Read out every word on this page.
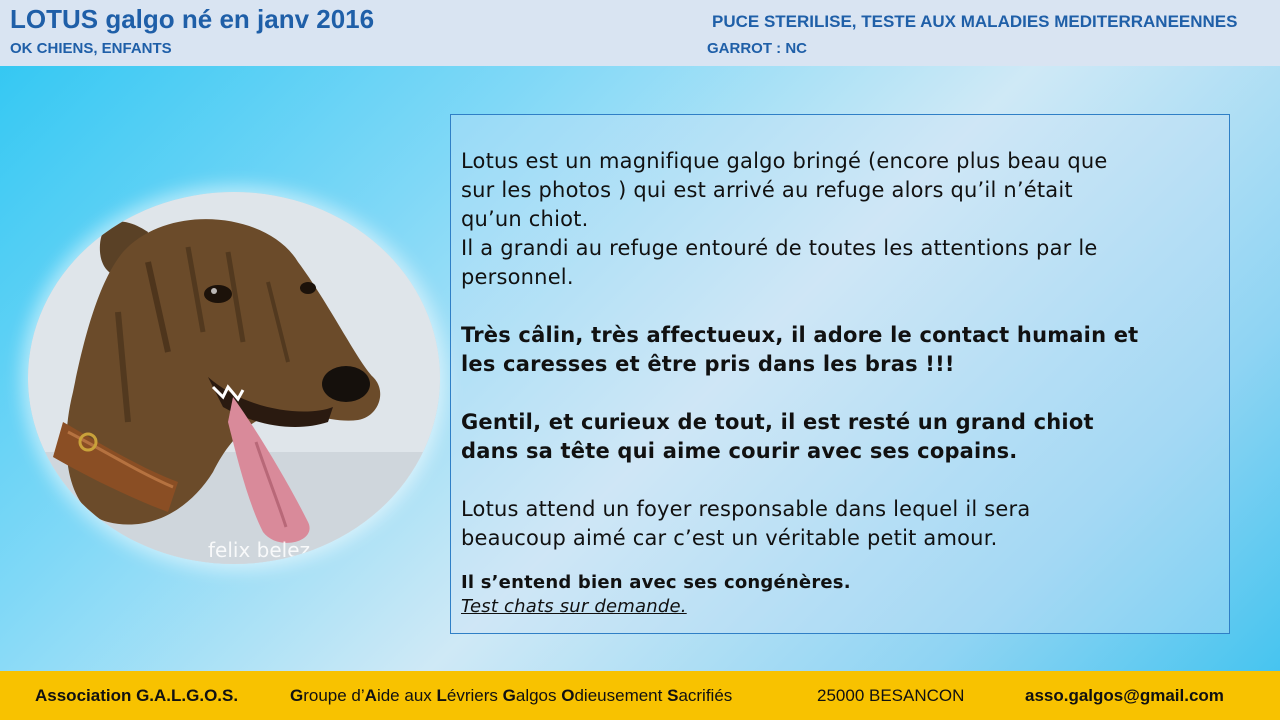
LOTUS galgo né en janv 2016
OK CHIENS, ENFANTS
PUCE STERILISE, TESTE AUX MALADIES MEDITERRANEENNES
GARROT : NC
felix belez

Lotus est un magnifique galgo bringé (encore plus beau que

sur les photos ) qui est arrivé au refuge alors qu’il n’était

qu’un chiot.

Il a grandi au refuge entouré de toutes les attentions par le

personnel.

Très câlin, très affectueux, il adore le contact humain et

les caresses et être pris dans les bras !!!

Gentil, et curieux de tout, il est resté un grand chiot

dans sa tête qui aime courir avec ses copains.

Lotus attend un foyer responsable dans lequel il sera

beaucoup aimé car c’est un véritable petit amour.

Il s’entend bien avec ses congénères.

Test chats sur demande.

Association G.A.L.G.O.S.	Groupe d’Aide aux Lévriers Galgos Odieusement Sacrifiés	25000 BESANCON	asso.galgos@gmail.com
